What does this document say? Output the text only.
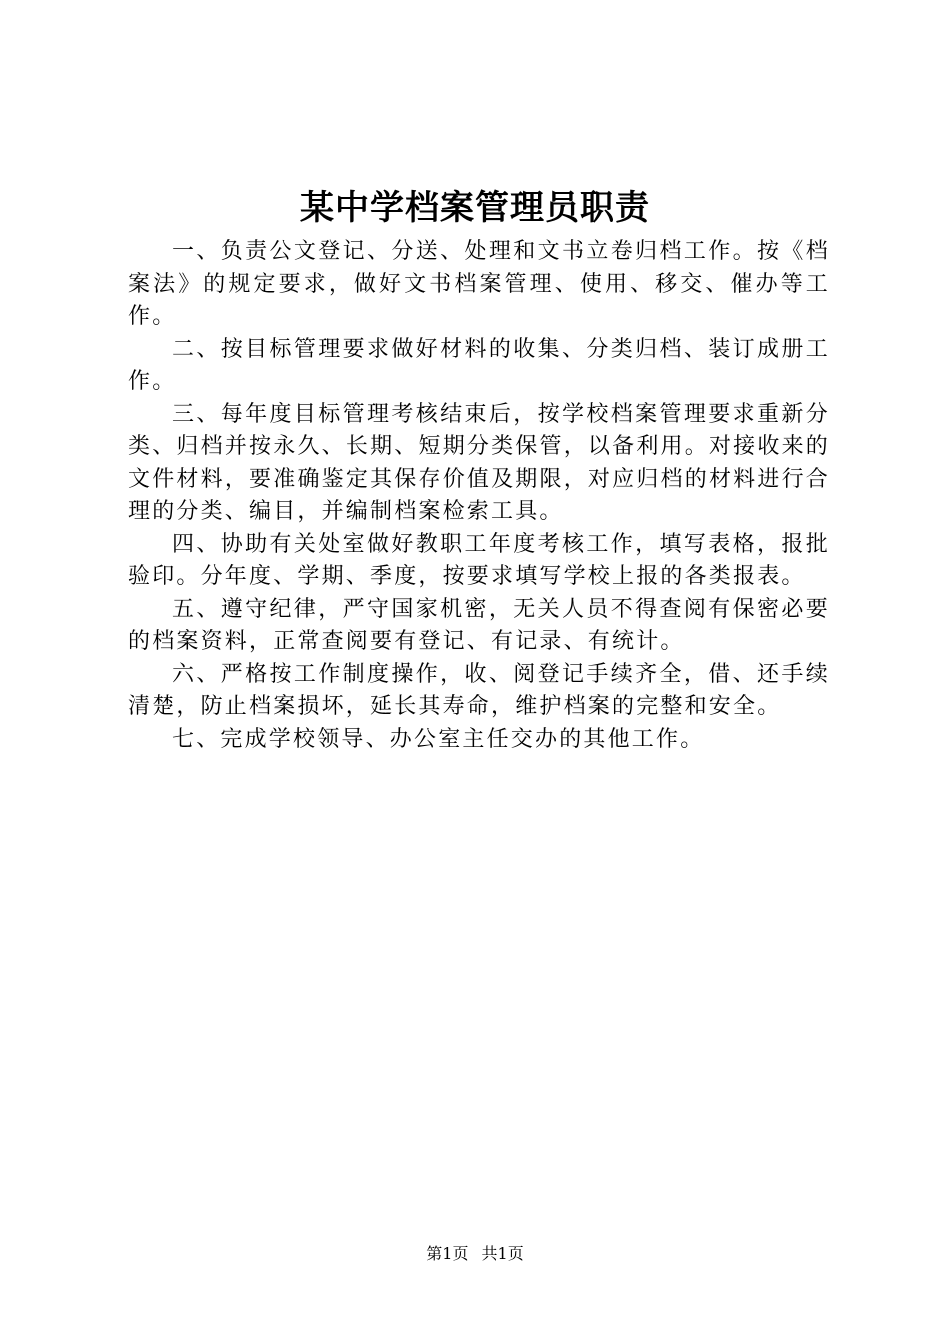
某中学档案管理员职责

一、负责公文登记、分送、处理和文书立卷归档工作。按《档案法》的规定要求，做好文书档案管理、使用、移交、催办等工作。

二、按目标管理要求做好材料的收集、分类归档、装订成册工作。

三、每年度目标管理考核结束后，按学校档案管理要求重新分类、归档并按永久、长期、短期分类保管，以备利用。对接收来的文件材料，要准确鉴定其保存价值及期限，对应归档的材料进行合理的分类、编目，并编制档案检索工具。

四、协助有关处室做好教职工年度考核工作，填写表格，报批验印。分年度、学期、季度，按要求填写学校上报的各类报表。

五、遵守纪律，严守国家机密，无关人员不得查阅有保密必要的档案资料，正常查阅要有登记、有记录、有统计。

六、严格按工作制度操作，收、阅登记手续齐全，借、还手续清楚，防止档案损坏，延长其寿命，维护档案的完整和安全。

七、完成学校领导、办公室主任交办的其他工作。

第1页 共1页
